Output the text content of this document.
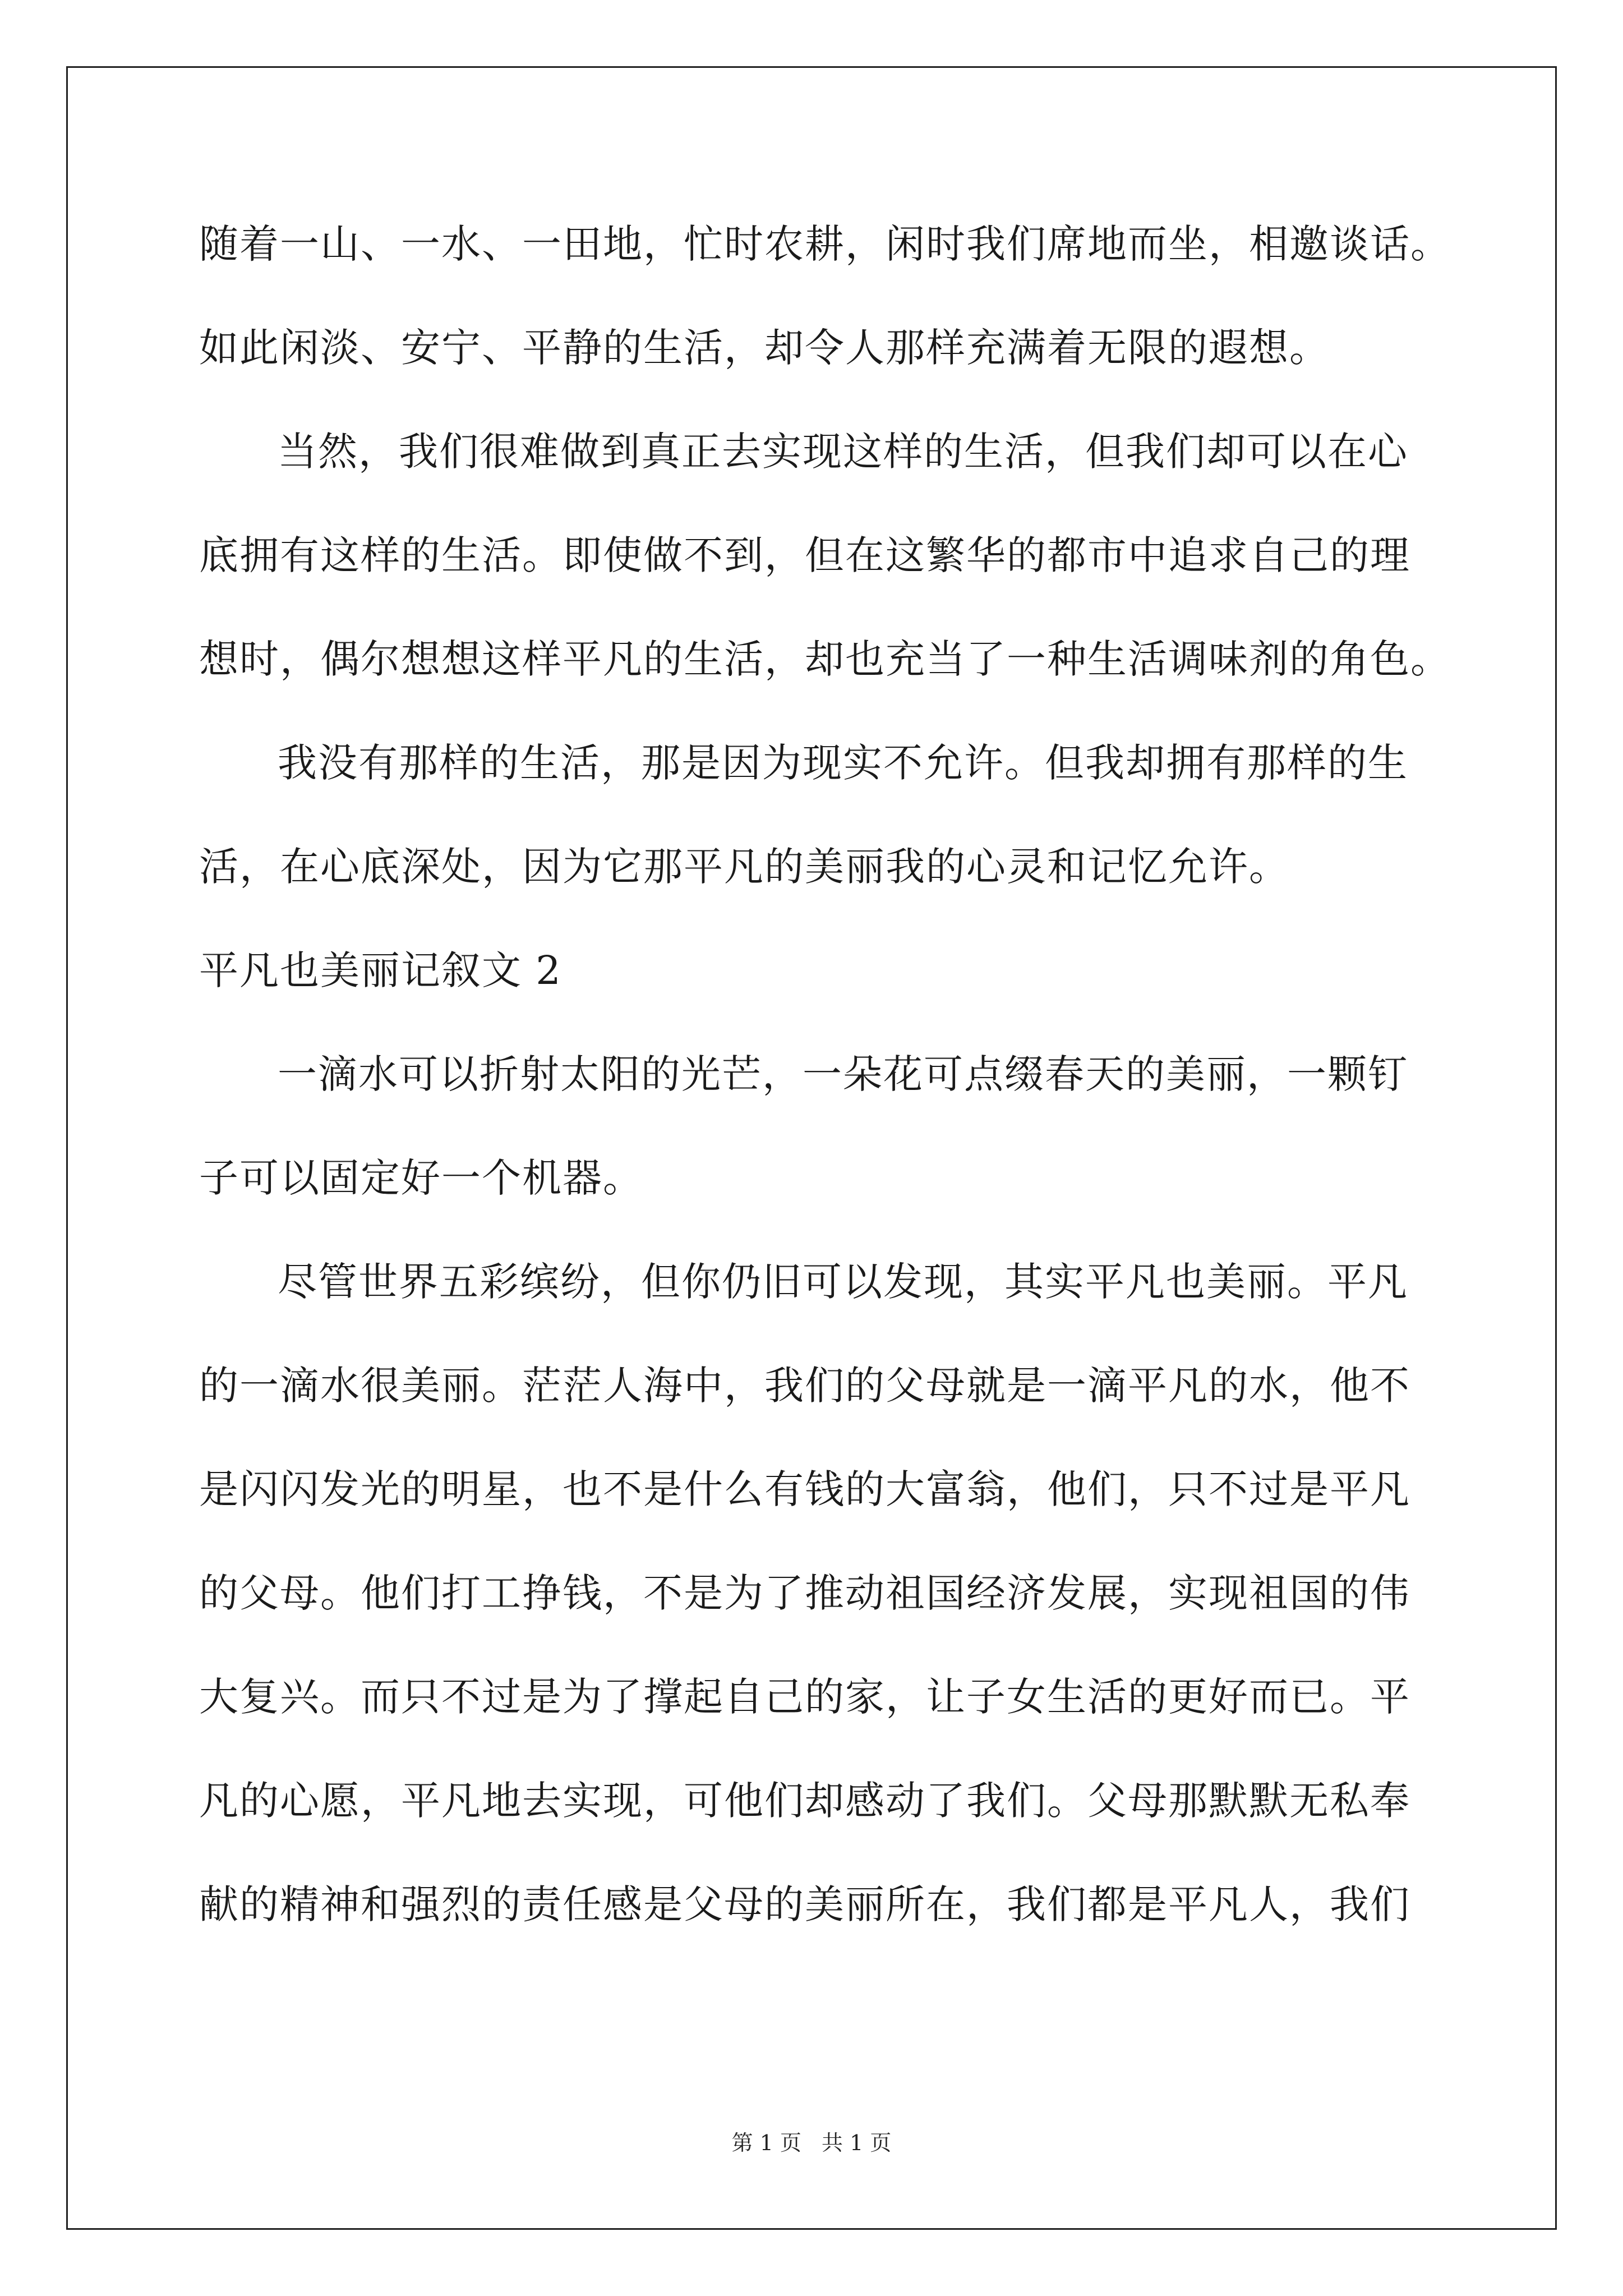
随着一山、一水、一田地，忙时农耕，闲时我们席地而坐，相邀谈话。
如此闲淡、安宁、平静的生活，却令人那样充满着无限的遐想。
当然，我们很难做到真正去实现这样的生活，但我们却可以在心
底拥有这样的生活。即使做不到，但在这繁华的都市中追求自己的理
想时，偶尔想想这样平凡的生活，却也充当了一种生活调味剂的角色。
我没有那样的生活，那是因为现实不允许。但我却拥有那样的生
活，在心底深处，因为它那平凡的美丽我的心灵和记忆允许。
平凡也美丽记叙文 2
一滴水可以折射太阳的光芒，一朵花可点缀春天的美丽，一颗钉
子可以固定好一个机器。
尽管世界五彩缤纷，但你仍旧可以发现，其实平凡也美丽。平凡
的一滴水很美丽。茫茫人海中，我们的父母就是一滴平凡的水，他不
是闪闪发光的明星，也不是什么有钱的大富翁，他们，只不过是平凡
的父母。他们打工挣钱，不是为了推动祖国经济发展，实现祖国的伟
大复兴。而只不过是为了撑起自己的家，让子女生活的更好而已。平
凡的心愿，平凡地去实现，可他们却感动了我们。父母那默默无私奉
献的精神和强烈的责任感是父母的美丽所在，我们都是平凡人，我们
第 1 页 共 1 页
